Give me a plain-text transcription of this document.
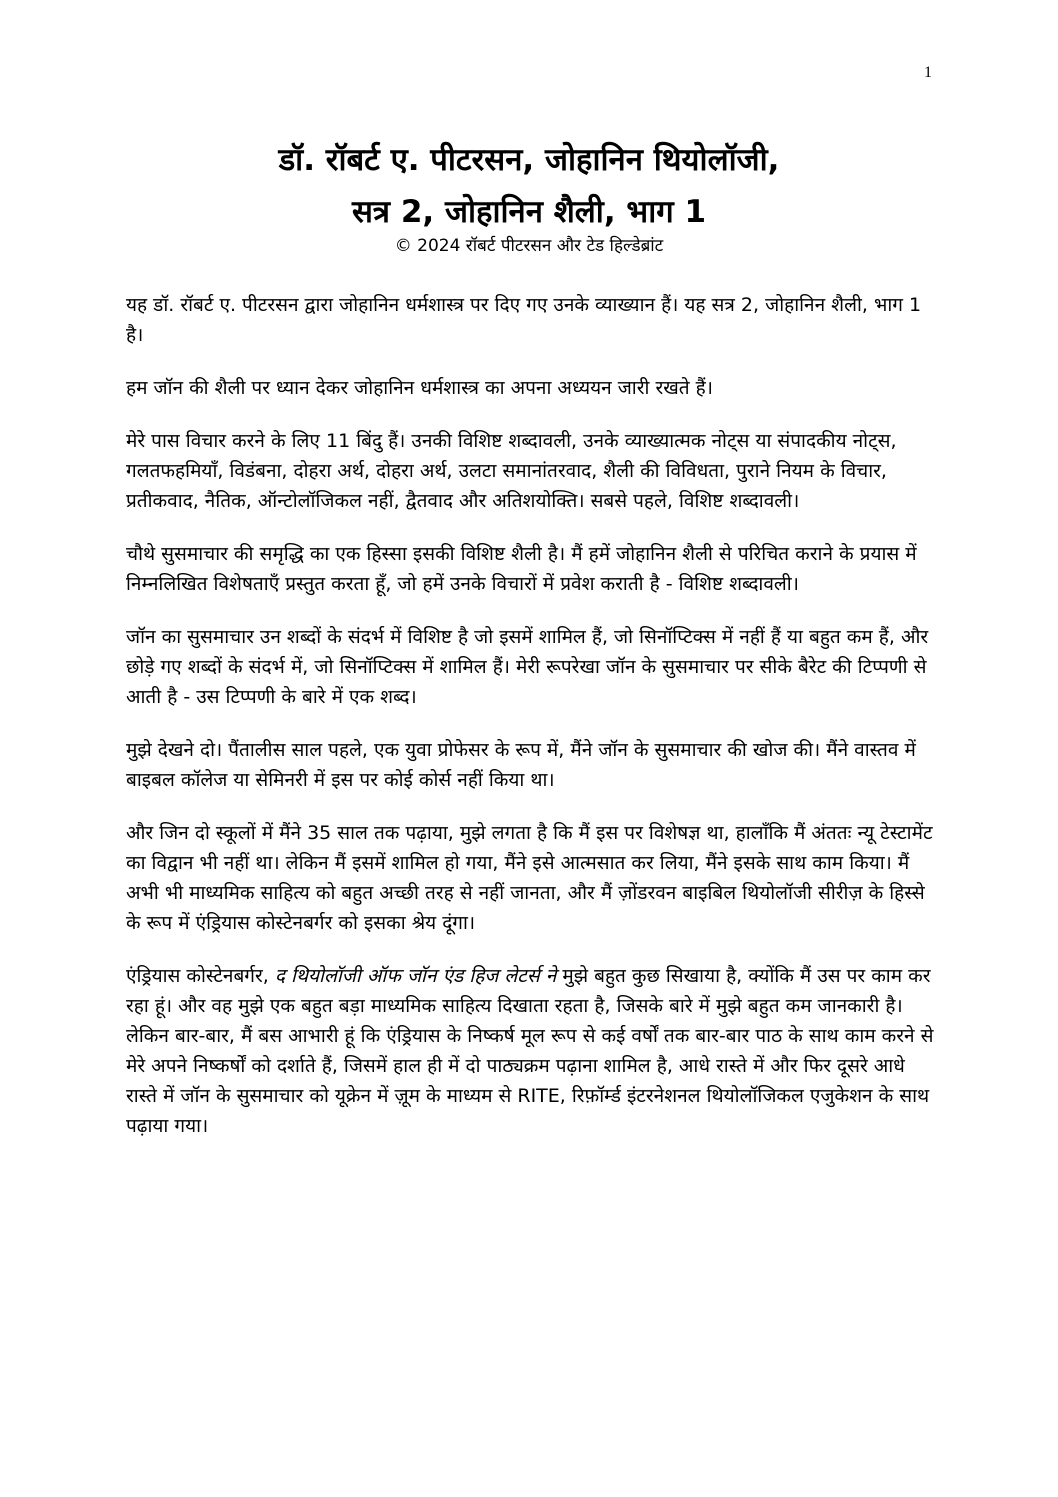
1
डॉ. रॉबर्ट ए. पीटरसन, जोहानिन थियोलॉजी,
सत्र 2, जोहानिन शैली, भाग 1
© 2024 रॉबर्ट पीटरसन और टेड हिल्डेब्रांट

यह डॉ. रॉबर्ट ए. पीटरसन द्वारा जोहानिन धर्मशास्त्र पर दिए गए उनके व्याख्यान हैं। यह सत्र 2, जोहानिन शैली, भाग 1 है।

हम जॉन की शैली पर ध्यान देकर जोहानिन धर्मशास्त्र का अपना अध्ययन जारी रखते हैं।

मेरे पास विचार करने के लिए 11 बिंदु हैं। उनकी विशिष्ट शब्दावली, उनके व्याख्यात्मक नोट्स या संपादकीय नोट्स, गलतफहमियाँ, विडंबना, दोहरा अर्थ, दोहरा अर्थ, उलटा समानांतरवाद, शैली की विविधता, पुराने नियम के विचार, प्रतीकवाद, नैतिक, ऑन्टोलॉजिकल नहीं, द्वैतवाद और अतिशयोक्ति। सबसे पहले, विशिष्ट शब्दावली।

चौथे सुसमाचार की समृद्धि का एक हिस्सा इसकी विशिष्ट शैली है। मैं हमें जोहानिन शैली से परिचित कराने के प्रयास में निम्नलिखित विशेषताएँ प्रस्तुत करता हूँ, जो हमें उनके विचारों में प्रवेश कराती है - विशिष्ट शब्दावली।

जॉन का सुसमाचार उन शब्दों के संदर्भ में विशिष्ट है जो इसमें शामिल हैं, जो सिनॉप्टिक्स में नहीं हैं या बहुत कम हैं, और छोड़े गए शब्दों के संदर्भ में, जो सिनॉप्टिक्स में शामिल हैं। मेरी रूपरेखा जॉन के सुसमाचार पर सीके बैरेट की टिप्पणी से आती है - उस टिप्पणी के बारे में एक शब्द।

मुझे देखने दो। पैंतालीस साल पहले, एक युवा प्रोफेसर के रूप में, मैंने जॉन के सुसमाचार की खोज की। मैंने वास्तव में बाइबल कॉलेज या सेमिनरी में इस पर कोई कोर्स नहीं किया था।

और जिन दो स्कूलों में मैंने 35 साल तक पढ़ाया, मुझे लगता है कि मैं इस पर विशेषज्ञ था, हालाँकि मैं अंततः न्यू टेस्टामेंट का विद्वान भी नहीं था। लेकिन मैं इसमें शामिल हो गया, मैंने इसे आत्मसात कर लिया, मैंने इसके साथ काम किया। मैं अभी भी माध्यमिक साहित्य को बहुत अच्छी तरह से नहीं जानता, और मैं ज़ोंडरवन बाइबिल थियोलॉजी सीरीज़ के हिस्से के रूप में एंड्रियास कोस्टेनबर्गर को इसका श्रेय दूंगा।

एंड्रियास कोस्टेनबर्गर, द थियोलॉजी ऑफ जॉन एंड हिज लेटर्स ने मुझे बहुत कुछ सिखाया है, क्योंकि मैं उस पर काम कर रहा हूं। और वह मुझे एक बहुत बड़ा माध्यमिक साहित्य दिखाता रहता है, जिसके बारे में मुझे बहुत कम जानकारी है। लेकिन बार-बार, मैं बस आभारी हूं कि एंड्रियास के निष्कर्ष मूल रूप से कई वर्षों तक बार-बार पाठ के साथ काम करने से मेरे अपने निष्कर्षों को दर्शाते हैं, जिसमें हाल ही में दो पाठ्यक्रम पढ़ाना शामिल है, आधे रास्ते में और फिर दूसरे आधे रास्ते में जॉन के सुसमाचार को यूक्रेन में ज़ूम के माध्यम से RITE, रिफ़ॉर्म्ड इंटरनेशनल थियोलॉजिकल एजुकेशन के साथ पढ़ाया गया।
